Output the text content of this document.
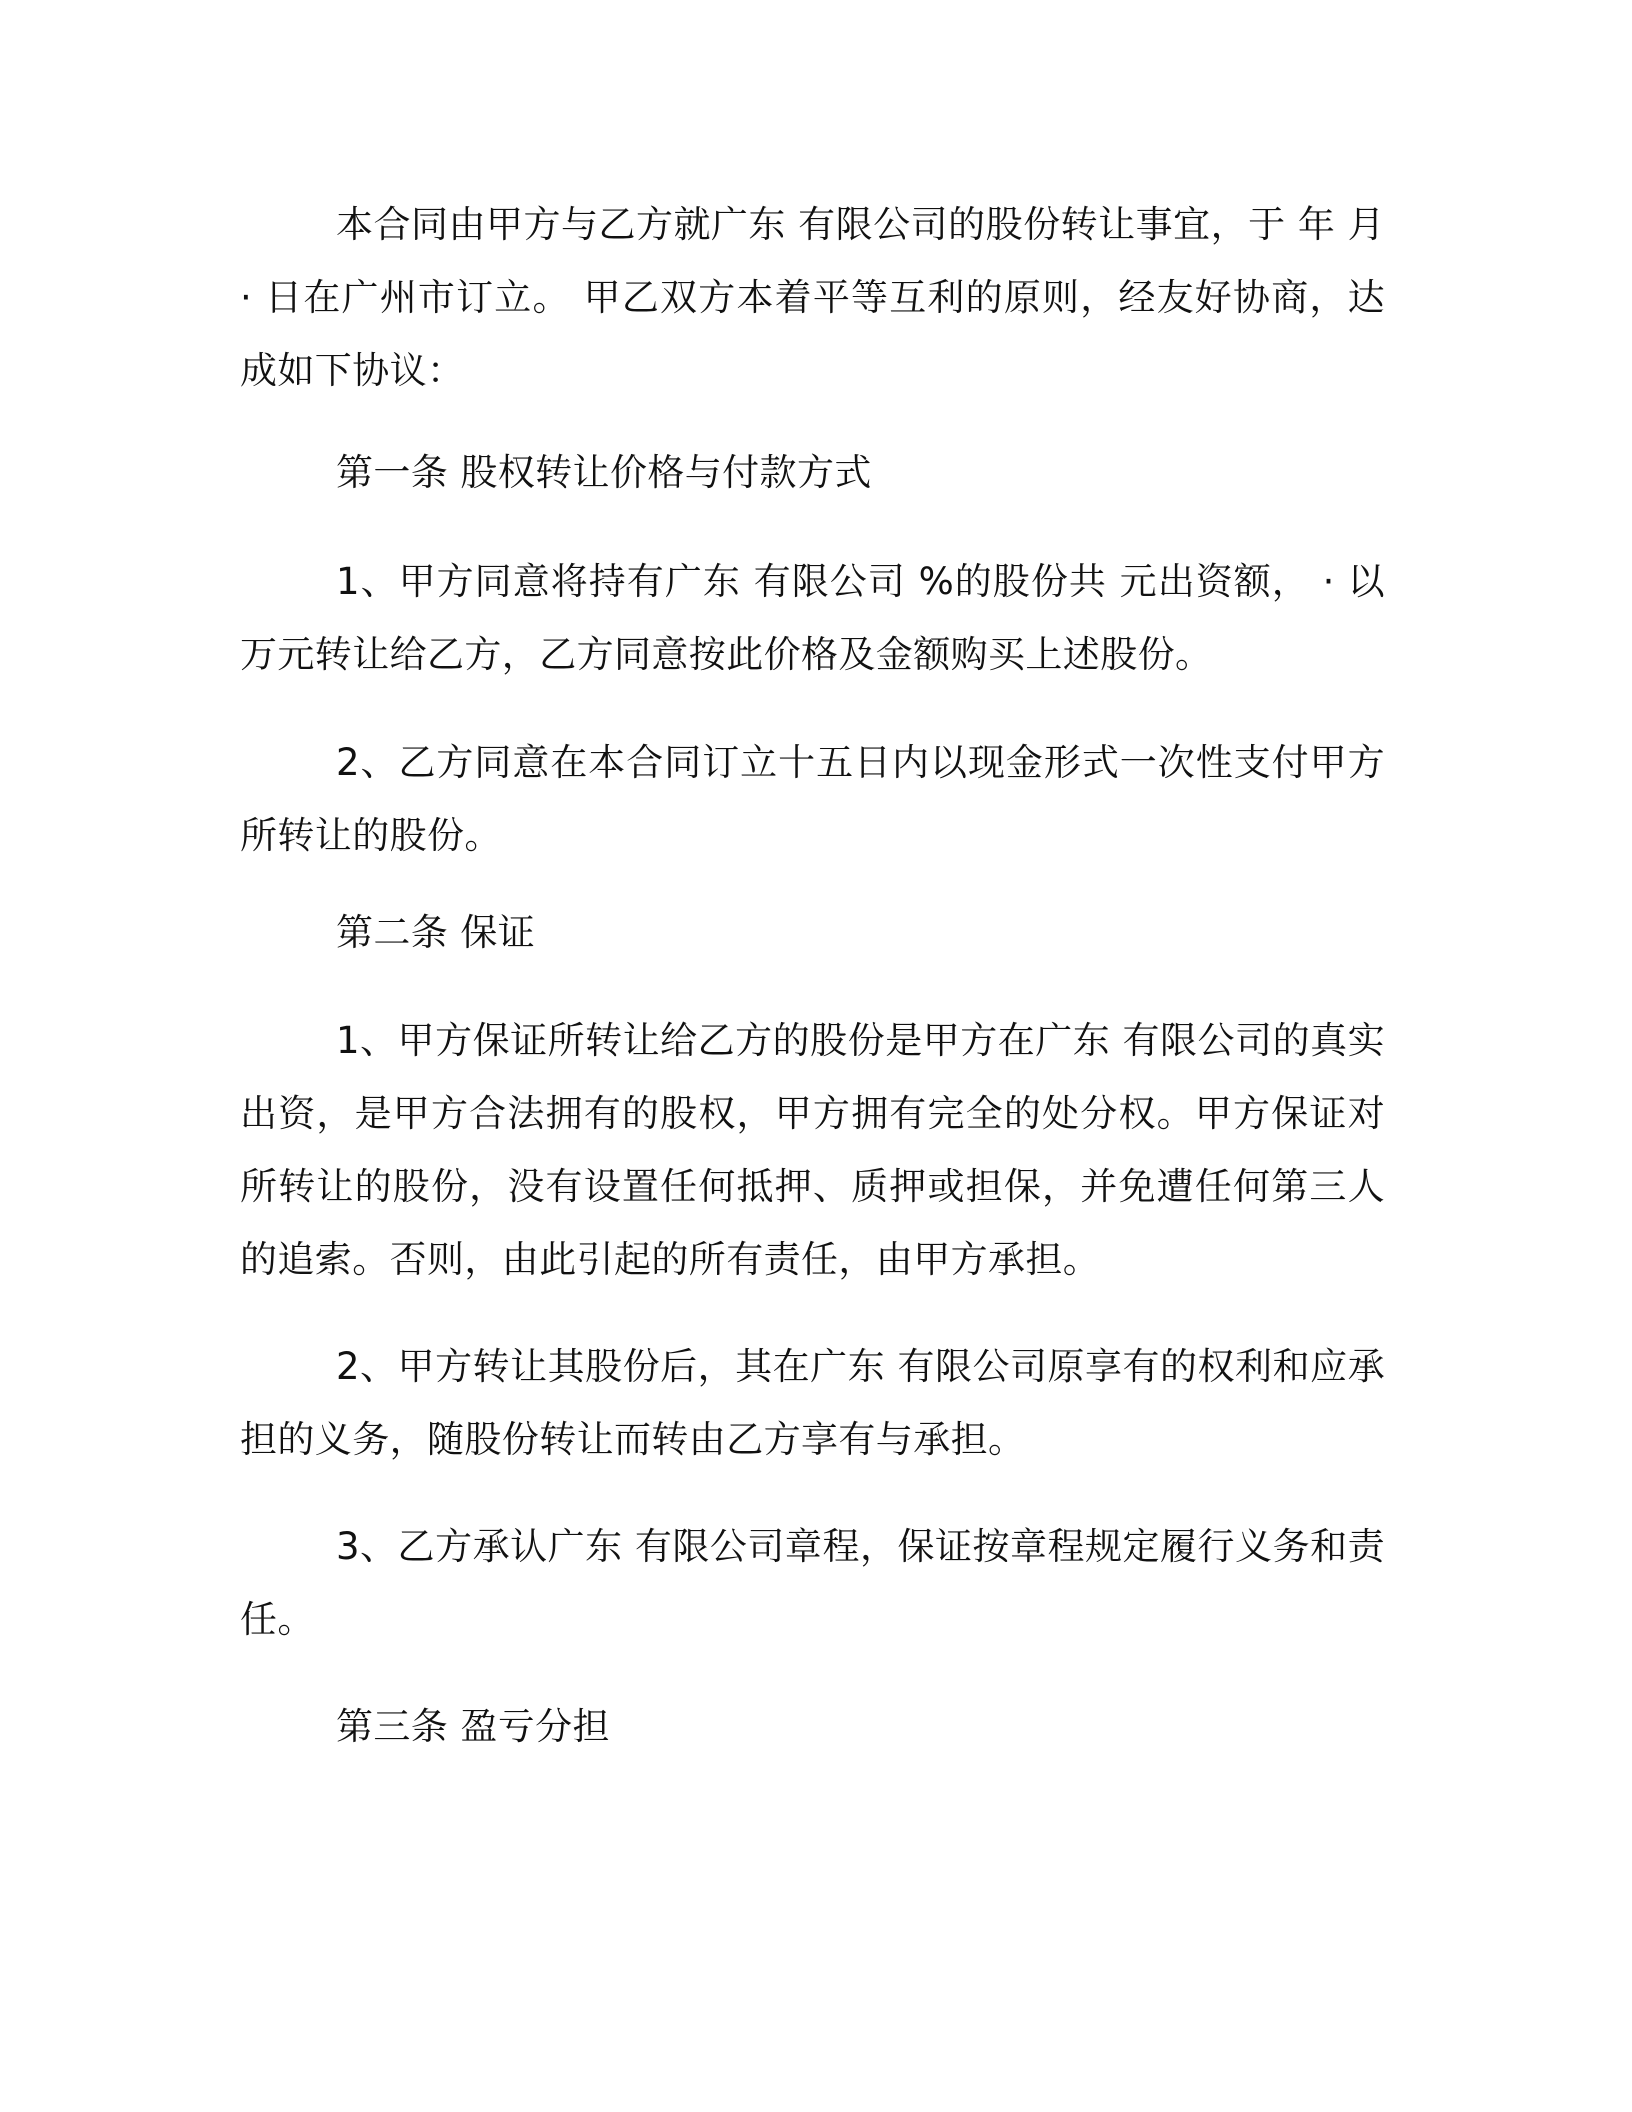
本合同由甲方与乙方就广东 有限公司的股份转让事宜，于 年 月 · 日在广州市订立。 甲乙双方本着平等互利的原则，经友好协商，达成如下协议：

第一条 股权转让价格与付款方式

1、甲方同意将持有广东 有限公司 %的股份共 元出资额， · 以 万元转让给乙方，乙方同意按此价格及金额购买上述股份。

2、乙方同意在本合同订立十五日内以现金形式一次性支付甲方所转让的股份。

第二条 保证

1、甲方保证所转让给乙方的股份是甲方在广东 有限公司的真实出资，是甲方合法拥有的股权，甲方拥有完全的处分权。甲方保证对所转让的股份，没有设置任何抵押、质押或担保，并免遭任何第三人的追索。否则，由此引起的所有责任，由甲方承担。

2、甲方转让其股份后，其在广东 有限公司原享有的权利和应承担的义务，随股份转让而转由乙方享有与承担。

3、乙方承认广东 有限公司章程，保证按章程规定履行义务和责任。

第三条 盈亏分担
